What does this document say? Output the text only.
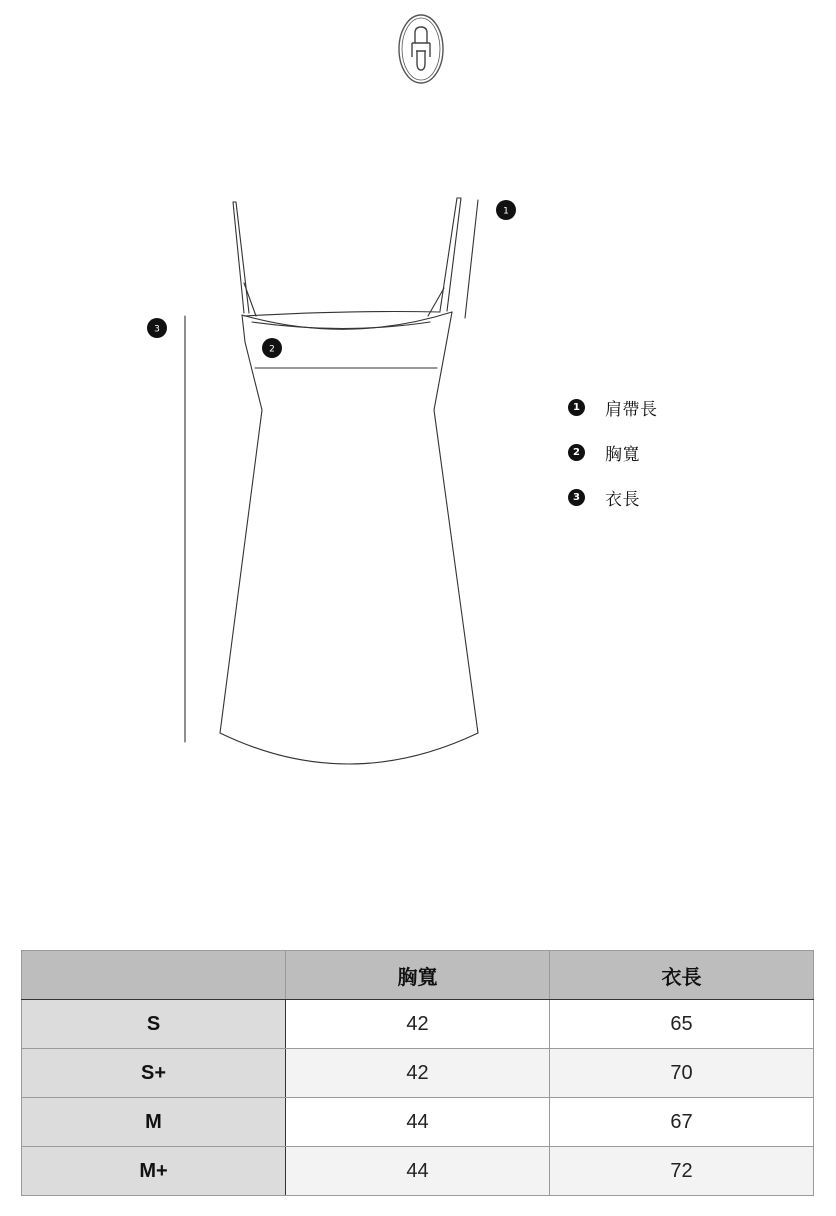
1
2
3
1 肩帶長
2 胸寬
3 衣長
	胸寬	衣長
S	42	65
S+	42	70
M	44	67
M+	44	72
